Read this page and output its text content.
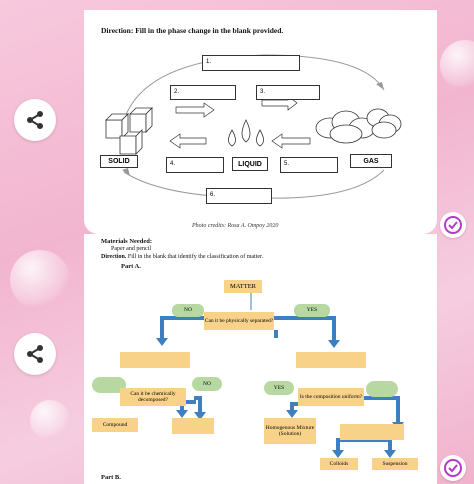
Direction: Fill in the phase change in the blank provided.
1.
2.	3.
SOLID	4.	LIQUID	5.	GAS
6.
Photo credits: Rosa A. Ompoy 2020
Materials Needed:
Paper and pencil
Direction. Fill in the blank that identify the classification of matter.
Part A.
MATTER
NO	YES
Can it be physically separated?
NO
Can it be chemically decomposed?
YES
Is the composition uniform?
Compound	Homogenous Mixture (Solution)
Colloids	Suspension
Part B.
